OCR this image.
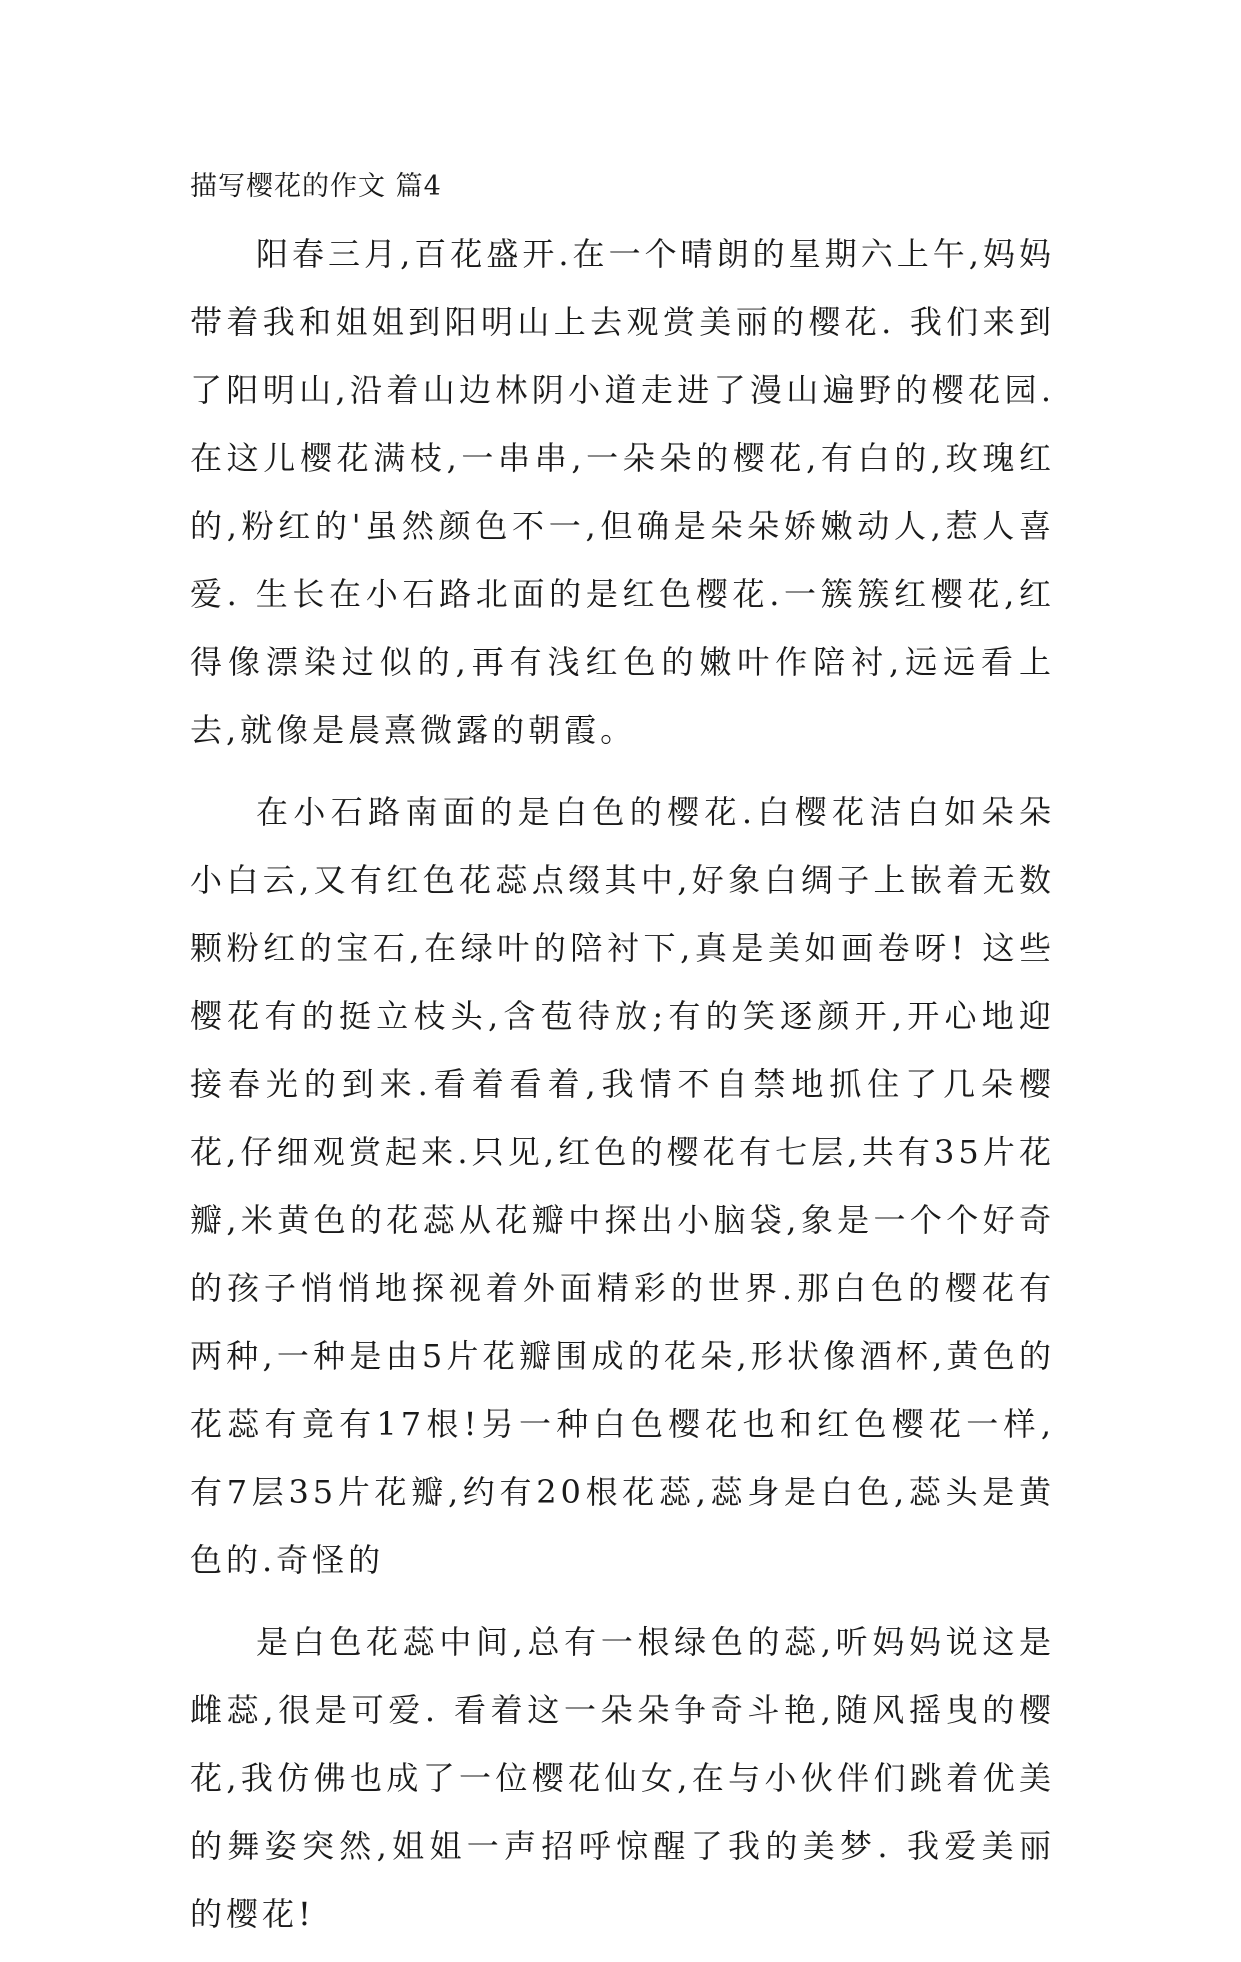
描写樱花的作文 篇4

阳春三月,百花盛开.在一个晴朗的星期六上午,妈妈带着我和姐姐到阳明山上去观赏美丽的樱花. 我们来到了阳明山,沿着山边林阴小道走进了漫山遍野的樱花园.在这儿樱花满枝,一串串,一朵朵的樱花,有白的,玫瑰红的,粉红的'虽然颜色不一,但确是朵朵娇嫩动人,惹人喜爱. 生长在小石路北面的是红色樱花.一簇簇红樱花,红得像漂染过似的,再有浅红色的嫩叶作陪衬,远远看上去,就像是晨熹微露的朝霞。

在小石路南面的是白色的樱花.白樱花洁白如朵朵小白云,又有红色花蕊点缀其中,好象白绸子上嵌着无数颗粉红的宝石,在绿叶的陪衬下,真是美如画卷呀! 这些樱花有的挺立枝头,含苞待放;有的笑逐颜开,开心地迎接春光的到来.看着看着,我情不自禁地抓住了几朵樱花,仔细观赏起来.只见,红色的樱花有七层,共有35片花瓣,米黄色的花蕊从花瓣中探出小脑袋,象是一个个好奇的孩子悄悄地探视着外面精彩的世界.那白色的樱花有两种,一种是由5片花瓣围成的花朵,形状像酒杯,黄色的花蕊有竟有17根!另一种白色樱花也和红色樱花一样,有7层35片花瓣,约有20根花蕊,蕊身是白色,蕊头是黄色的.奇怪的

是白色花蕊中间,总有一根绿色的蕊,听妈妈说这是雌蕊,很是可爱. 看着这一朵朵争奇斗艳,随风摇曳的樱花,我仿佛也成了一位樱花仙女,在与小伙伴们跳着优美的舞姿突然,姐姐一声招呼惊醒了我的美梦. 我爱美丽的樱花!
